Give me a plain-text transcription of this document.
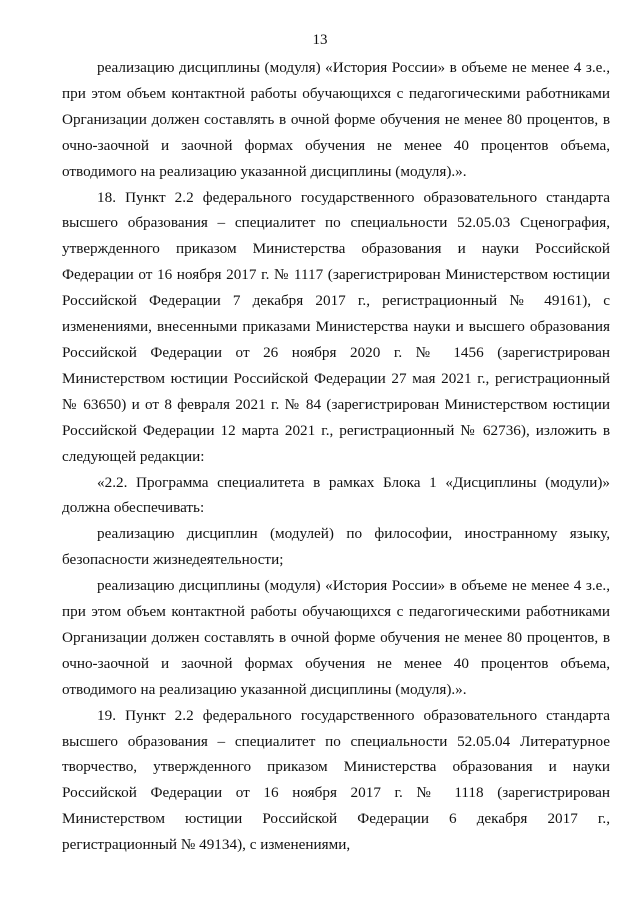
13

реализацию дисциплины (модуля) «История России» в объеме не менее 4 з.е., при этом объем контактной работы обучающихся с педагогическими работниками Организации должен составлять в очной форме обучения не менее 80 процентов, в очно-заочной и заочной формах обучения не менее 40 процентов объема, отводимого на реализацию указанной дисциплины (модуля).».

18. Пункт 2.2 федерального государственного образовательного стандарта высшего образования – специалитет по специальности 52.05.03 Сценография, утвержденного приказом Министерства образования и науки Российской Федерации от 16 ноября 2017 г. № 1117 (зарегистрирован Министерством юстиции Российской Федерации 7 декабря 2017 г., регистрационный № 49161), с изменениями, внесенными приказами Министерства науки и высшего образования Российской Федерации от 26 ноября 2020 г. № 1456 (зарегистрирован Министерством юстиции Российской Федерации 27 мая 2021 г., регистрационный № 63650) и от 8 февраля 2021 г. № 84 (зарегистрирован Министерством юстиции Российской Федерации 12 марта 2021 г., регистрационный № 62736), изложить в следующей редакции:

«2.2. Программа специалитета в рамках Блока 1 «Дисциплины (модули)» должна обеспечивать:

реализацию дисциплин (модулей) по философии, иностранному языку, безопасности жизнедеятельности;

реализацию дисциплины (модуля) «История России» в объеме не менее 4 з.е., при этом объем контактной работы обучающихся с педагогическими работниками Организации должен составлять в очной форме обучения не менее 80 процентов, в очно-заочной и заочной формах обучения не менее 40 процентов объема, отводимого на реализацию указанной дисциплины (модуля).».

19. Пункт 2.2 федерального государственного образовательного стандарта высшего образования – специалитет по специальности 52.05.04 Литературное творчество, утвержденного приказом Министерства образования и науки Российской Федерации от 16 ноября 2017 г. № 1118 (зарегистрирован Министерством юстиции Российской Федерации 6 декабря 2017 г., регистрационный № 49134), с изменениями,
